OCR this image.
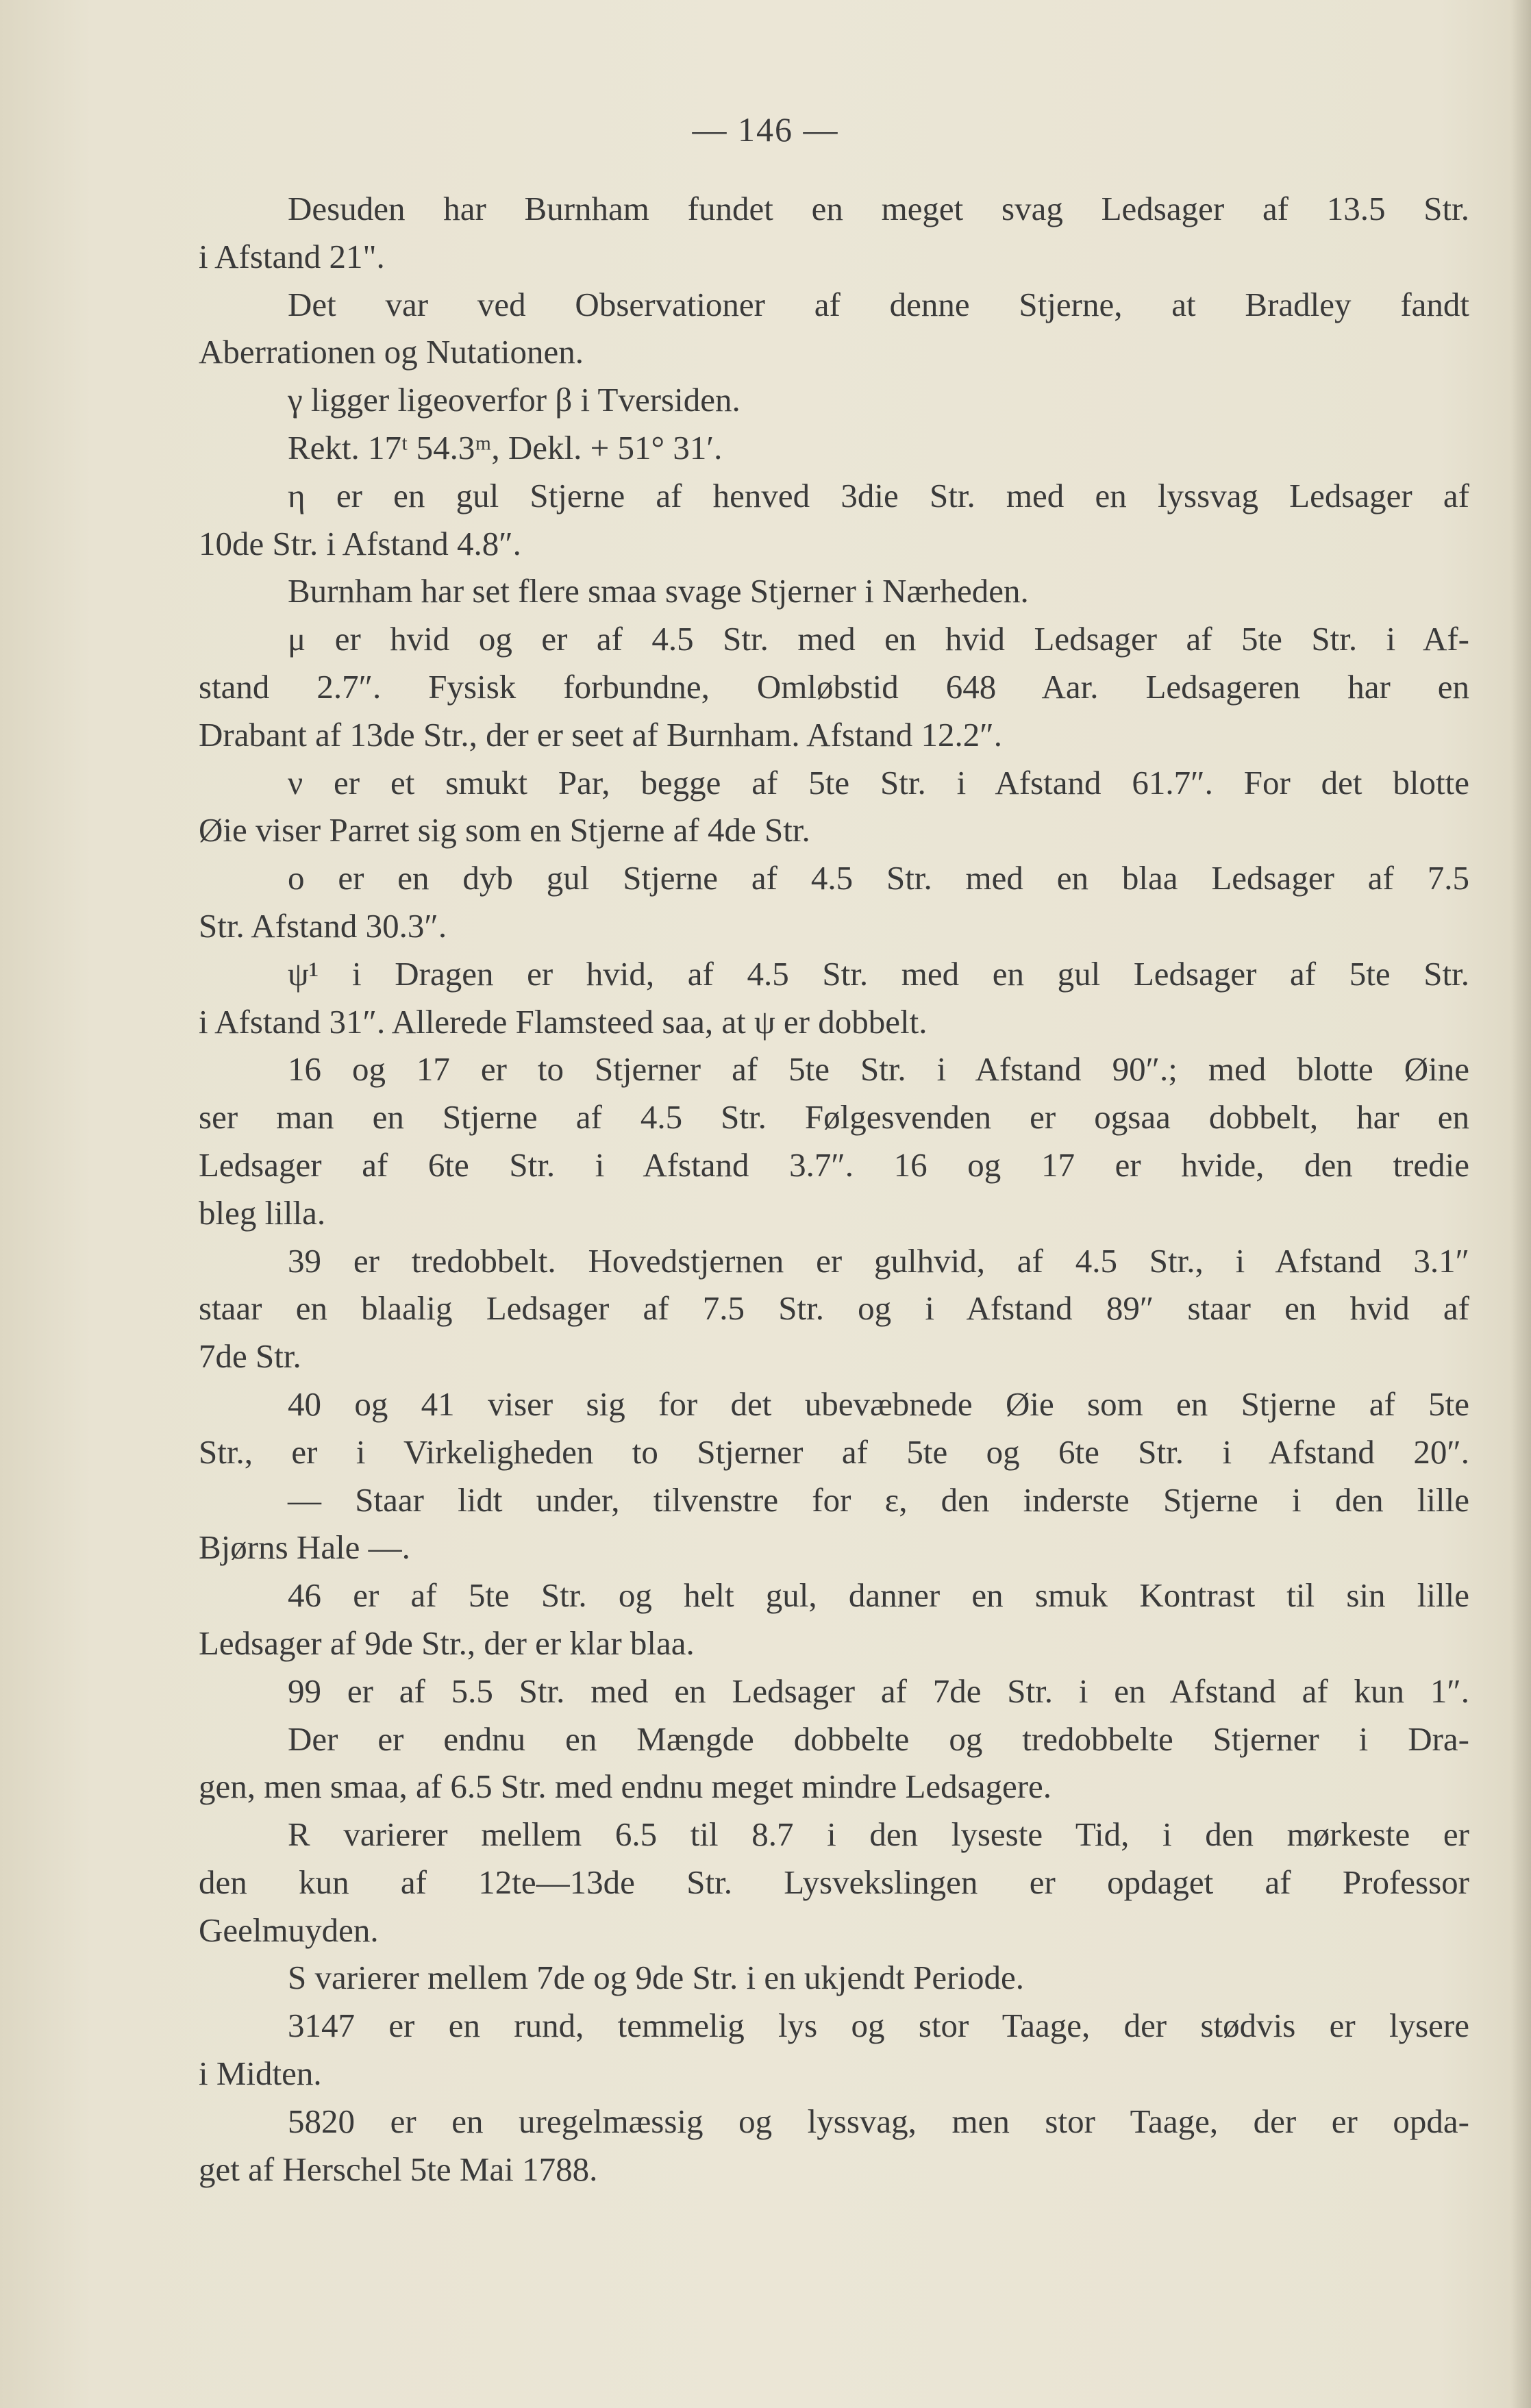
— 146 —
Desuden har Burnham fundet en meget svag Ledsager af 13.5 Str.
i Afstand 21".
Det var ved Observationer af denne Stjerne, at Bradley fandt
Aberrationen og Nutationen.
γ ligger ligeoverfor β i Tversiden.
Rekt. 17ᵗ 54.3ᵐ, Dekl. + 51° 31′.
η er en gul Stjerne af henved 3die Str. med en lyssvag Ledsager af
10de Str. i Afstand 4.8″.
Burnham har set flere smaa svage Stjerner i Nærheden.
μ er hvid og er af 4.5 Str. med en hvid Ledsager af 5te Str. i Af-
stand 2.7″. Fysisk forbundne, Omløbstid 648 Aar. Ledsageren har en
Drabant af 13de Str., der er seet af Burnham. Afstand 12.2″.
ν er et smukt Par, begge af 5te Str. i Afstand 61.7″. For det blotte
Øie viser Parret sig som en Stjerne af 4de Str.
o er en dyb gul Stjerne af 4.5 Str. med en blaa Ledsager af 7.5
Str. Afstand 30.3″.
ψ¹ i Dragen er hvid, af 4.5 Str. med en gul Ledsager af 5te Str.
i Afstand 31″. Allerede Flamsteed saa, at ψ er dobbelt.
16 og 17 er to Stjerner af 5te Str. i Afstand 90″.; med blotte Øine
ser man en Stjerne af 4.5 Str. Følgesvenden er ogsaa dobbelt, har en
Ledsager af 6te Str. i Afstand 3.7″. 16 og 17 er hvide, den tredie
bleg lilla.
39 er tredobbelt. Hovedstjernen er gulhvid, af 4.5 Str., i Afstand 3.1″
staar en blaalig Ledsager af 7.5 Str. og i Afstand 89″ staar en hvid af
7de Str.
40 og 41 viser sig for det ubevæbnede Øie som en Stjerne af 5te
Str., er i Virkeligheden to Stjerner af 5te og 6te Str. i Afstand 20″.
— Staar lidt under, tilvenstre for ε, den inderste Stjerne i den lille
Bjørns Hale —.
46 er af 5te Str. og helt gul, danner en smuk Kontrast til sin lille
Ledsager af 9de Str., der er klar blaa.
99 er af 5.5 Str. med en Ledsager af 7de Str. i en Afstand af kun 1″.
Der er endnu en Mængde dobbelte og tredobbelte Stjerner i Dra-
gen, men smaa, af 6.5 Str. med endnu meget mindre Ledsagere.
R varierer mellem 6.5 til 8.7 i den lyseste Tid, i den mørkeste er
den kun af 12te—13de Str. Lysvekslingen er opdaget af Professor
Geelmuyden.
S varierer mellem 7de og 9de Str. i en ukjendt Periode.
3147 er en rund, temmelig lys og stor Taage, der stødvis er lysere
i Midten.
5820 er en uregelmæssig og lyssvag, men stor Taage, der er opda-
get af Herschel 5te Mai 1788.
